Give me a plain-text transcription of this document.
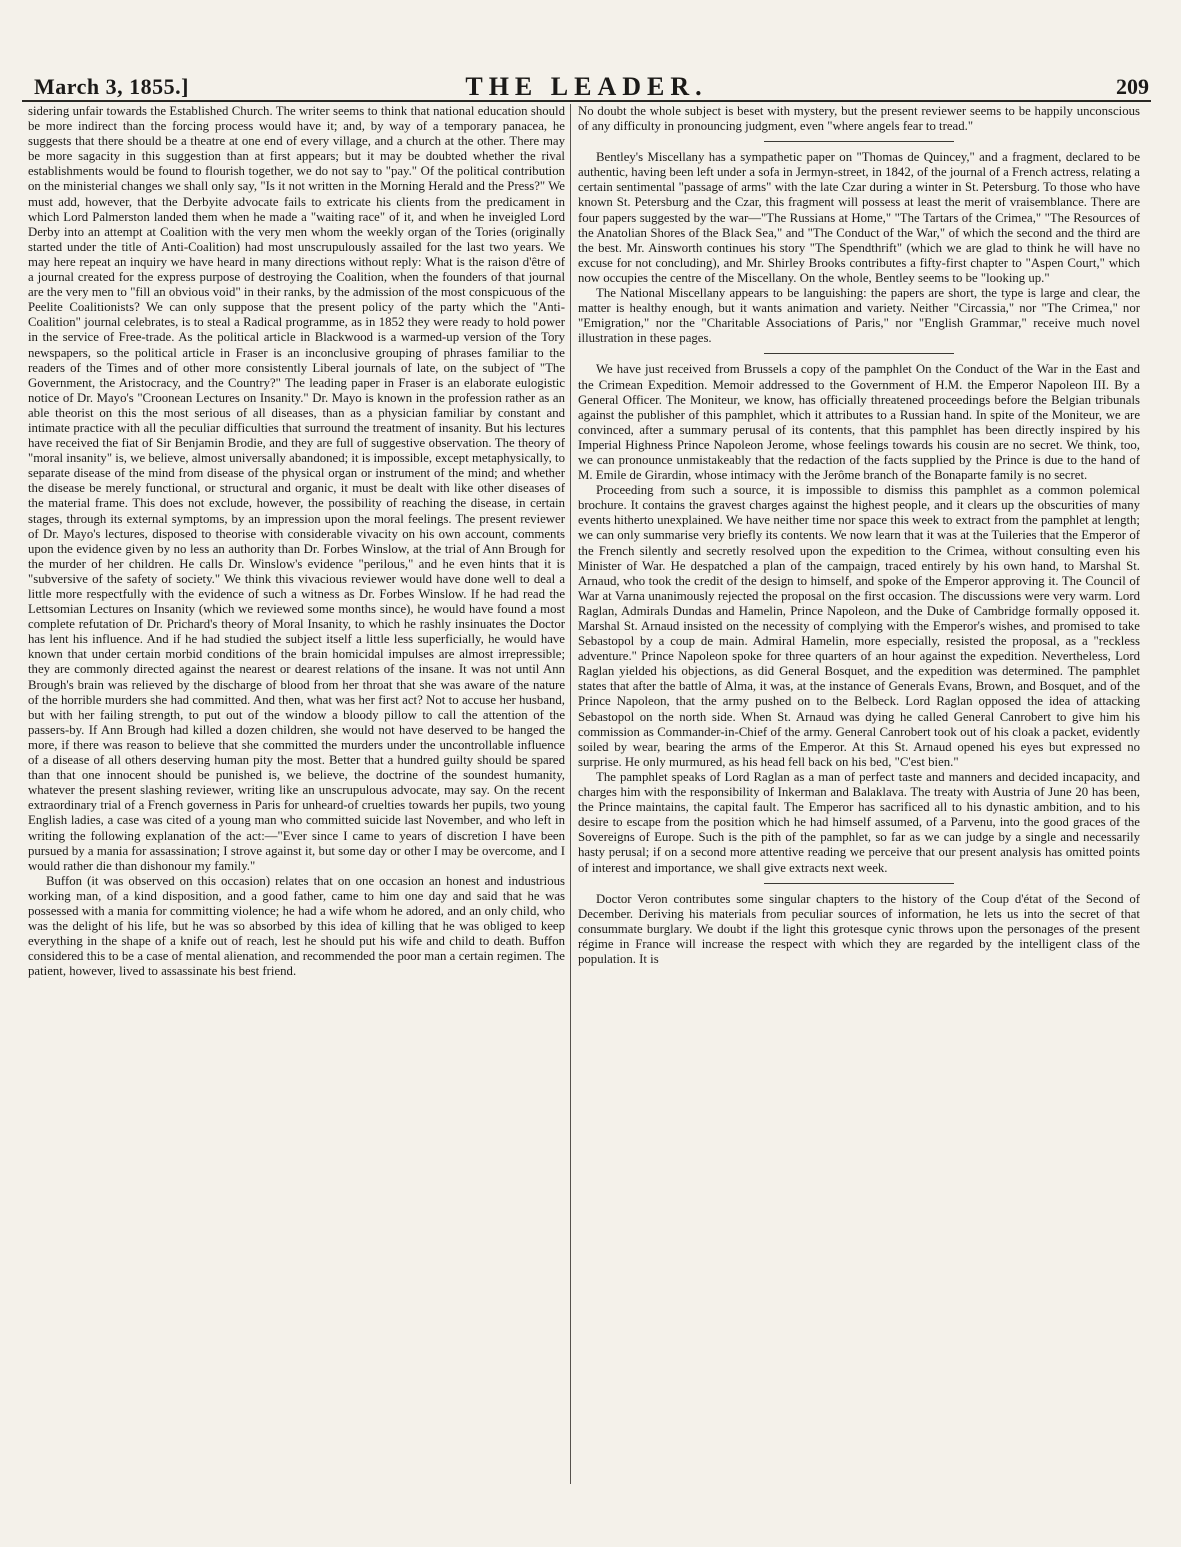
March 3, 1855.]	THE LEADER.	209

sidering unfair towards the Established Church. The writer seems to think that national education should be more indirect than the forcing process would have it; and, by way of a temporary panacea, he suggests that there should be a theatre at one end of every village, and a church at the other. There may be more sagacity in this suggestion than at first appears; but it may be doubted whether the rival establishments would be found to flourish together, we do not say to "pay." Of the political contribution on the ministerial changes we shall only say, "Is it not written in the Morning Herald and the Press?" We must add, however, that the Derbyite advocate fails to extricate his clients from the predicament in which Lord Palmerston landed them when he made a "waiting race" of it, and when he inveigled Lord Derby into an attempt at Coalition with the very men whom the weekly organ of the Tories (originally started under the title of Anti-Coalition) had most unscrupulously assailed for the last two years. We may here repeat an inquiry we have heard in many directions without reply: What is the raison d'être of a journal created for the express purpose of destroying the Coalition, when the founders of that journal are the very men to "fill an obvious void" in their ranks, by the admission of the most conspicuous of the Peelite Coalitionists? We can only suppose that the present policy of the party which the "Anti-Coalition" journal celebrates, is to steal a Radical programme, as in 1852 they were ready to hold power in the service of Free-trade. As the political article in Blackwood is a warmed-up version of the Tory newspapers, so the political article in Fraser is an inconclusive grouping of phrases familiar to the readers of the Times and of other more consistently Liberal journals of late, on the subject of "The Government, the Aristocracy, and the Country?" The leading paper in Fraser is an elaborate eulogistic notice of Dr. Mayo's "Croonean Lectures on Insanity." Dr. Mayo is known in the profession rather as an able theorist on this the most serious of all diseases, than as a physician familiar by constant and intimate practice with all the peculiar difficulties that surround the treatment of insanity. But his lectures have received the fiat of Sir Benjamin Brodie, and they are full of suggestive observation. The theory of "moral insanity" is, we believe, almost universally abandoned; it is impossible, except metaphysically, to separate disease of the mind from disease of the physical organ or instrument of the mind; and whether the disease be merely functional, or structural and organic, it must be dealt with like other diseases of the material frame. This does not exclude, however, the possibility of reaching the disease, in certain stages, through its external symptoms, by an impression upon the moral feelings. The present reviewer of Dr. Mayo's lectures, disposed to theorise with considerable vivacity on his own account, comments upon the evidence given by no less an authority than Dr. Forbes Winslow, at the trial of Ann Brough for the murder of her children. He calls Dr. Winslow's evidence "perilous," and he even hints that it is "subversive of the safety of society." We think this vivacious reviewer would have done well to deal a little more respectfully with the evidence of such a witness as Dr. Forbes Winslow. If he had read the Lettsomian Lectures on Insanity (which we reviewed some months since), he would have found a most complete refutation of Dr. Prichard's theory of Moral Insanity, to which he rashly insinuates the Doctor has lent his influence. And if he had studied the subject itself a little less superficially, he would have known that under certain morbid conditions of the brain homicidal impulses are almost irrepressible; they are commonly directed against the nearest or dearest relations of the insane. It was not until Ann Brough's brain was relieved by the discharge of blood from her throat that she was aware of the nature of the horrible murders she had committed. And then, what was her first act? Not to accuse her husband, but with her failing strength, to put out of the window a bloody pillow to call the attention of the passers-by. If Ann Brough had killed a dozen children, she would not have deserved to be hanged the more, if there was reason to believe that she committed the murders under the uncontrollable influence of a disease of all others deserving human pity the most. Better that a hundred guilty should be spared than that one innocent should be punished is, we believe, the doctrine of the soundest humanity, whatever the present slashing reviewer, writing like an unscrupulous advocate, may say. On the recent extraordinary trial of a French governess in Paris for unheard-of cruelties towards her pupils, two young English ladies, a case was cited of a young man who committed suicide last November, and who left in writing the following explanation of the act:—"Ever since I came to years of discretion I have been pursued by a mania for assassination; I strove against it, but some day or other I may be overcome, and I would rather die than dishonour my family."

Buffon (it was observed on this occasion) relates that on one occasion an honest and industrious working man, of a kind disposition, and a good father, came to him one day and said that he was possessed with a mania for committing violence; he had a wife whom he adored, and an only child, who was the delight of his life, but he was so absorbed by this idea of killing that he was obliged to keep everything in the shape of a knife out of reach, lest he should put his wife and child to death. Buffon considered this to be a case of mental alienation, and recommended the poor man a certain regimen. The patient, however, lived to assassinate his best friend.

No doubt the whole subject is beset with mystery, but the present reviewer seems to be happily unconscious of any difficulty in pronouncing judgment, even "where angels fear to tread."

Bentley's Miscellany has a sympathetic paper on "Thomas de Quincey," and a fragment, declared to be authentic, having been left under a sofa in Jermyn-street, in 1842, of the journal of a French actress, relating a certain sentimental "passage of arms" with the late Czar during a winter in St. Petersburg. To those who have known St. Petersburg and the Czar, this fragment will possess at least the merit of vraisemblance. There are four papers suggested by the war—"The Russians at Home," "The Tartars of the Crimea," "The Resources of the Anatolian Shores of the Black Sea," and "The Conduct of the War," of which the second and the third are the best. Mr. Ainsworth continues his story "The Spendthrift" (which we are glad to think he will have no excuse for not concluding), and Mr. Shirley Brooks contributes a fifty-first chapter to "Aspen Court," which now occupies the centre of the Miscellany. On the whole, Bentley seems to be "looking up."

The National Miscellany appears to be languishing: the papers are short, the type is large and clear, the matter is healthy enough, but it wants animation and variety. Neither "Circassia," nor "The Crimea," nor "Emigration," nor the "Charitable Associations of Paris," nor "English Grammar," receive much novel illustration in these pages.

We have just received from Brussels a copy of the pamphlet On the Conduct of the War in the East and the Crimean Expedition. Memoir addressed to the Government of H.M. the Emperor Napoleon III. By a General Officer. The Moniteur, we know, has officially threatened proceedings before the Belgian tribunals against the publisher of this pamphlet, which it attributes to a Russian hand. In spite of the Moniteur, we are convinced, after a summary perusal of its contents, that this pamphlet has been directly inspired by his Imperial Highness Prince Napoleon Jerome, whose feelings towards his cousin are no secret. We think, too, we can pronounce unmistakeably that the redaction of the facts supplied by the Prince is due to the hand of M. Emile de Girardin, whose intimacy with the Jerôme branch of the Bonaparte family is no secret.

Proceeding from such a source, it is impossible to dismiss this pamphlet as a common polemical brochure. It contains the gravest charges against the highest people, and it clears up the obscurities of many events hitherto unexplained. We have neither time nor space this week to extract from the pamphlet at length; we can only summarise very briefly its contents. We now learn that it was at the Tuileries that the Emperor of the French silently and secretly resolved upon the expedition to the Crimea, without consulting even his Minister of War. He despatched a plan of the campaign, traced entirely by his own hand, to Marshal St. Arnaud, who took the credit of the design to himself, and spoke of the Emperor approving it. The Council of War at Varna unanimously rejected the proposal on the first occasion. The discussions were very warm. Lord Raglan, Admirals Dundas and Hamelin, Prince Napoleon, and the Duke of Cambridge formally opposed it. Marshal St. Arnaud insisted on the necessity of complying with the Emperor's wishes, and promised to take Sebastopol by a coup de main. Admiral Hamelin, more especially, resisted the proposal, as a "reckless adventure." Prince Napoleon spoke for three quarters of an hour against the expedition. Nevertheless, Lord Raglan yielded his objections, as did General Bosquet, and the expedition was determined. The pamphlet states that after the battle of Alma, it was, at the instance of Generals Evans, Brown, and Bosquet, and of the Prince Napoleon, that the army pushed on to the Belbeck. Lord Raglan opposed the idea of attacking Sebastopol on the north side. When St. Arnaud was dying he called General Canrobert to give him his commission as Commander-in-Chief of the army. General Canrobert took out of his cloak a packet, evidently soiled by wear, bearing the arms of the Emperor. At this St. Arnaud opened his eyes but expressed no surprise. He only murmured, as his head fell back on his bed, "C'est bien."

The pamphlet speaks of Lord Raglan as a man of perfect taste and manners and decided incapacity, and charges him with the responsibility of Inkerman and Balaklava. The treaty with Austria of June 20 has been, the Prince maintains, the capital fault. The Emperor has sacrificed all to his dynastic ambition, and to his desire to escape from the position which he had himself assumed, of a Parvenu, into the good graces of the Sovereigns of Europe. Such is the pith of the pamphlet, so far as we can judge by a single and necessarily hasty perusal; if on a second more attentive reading we perceive that our present analysis has omitted points of interest and importance, we shall give extracts next week.

Doctor Veron contributes some singular chapters to the history of the Coup d'état of the Second of December. Deriving his materials from peculiar sources of information, he lets us into the secret of that consummate burglary. We doubt if the light this grotesque cynic throws upon the personages of the present régime in France will increase the respect with which they are regarded by the intelligent class of the population. It is
